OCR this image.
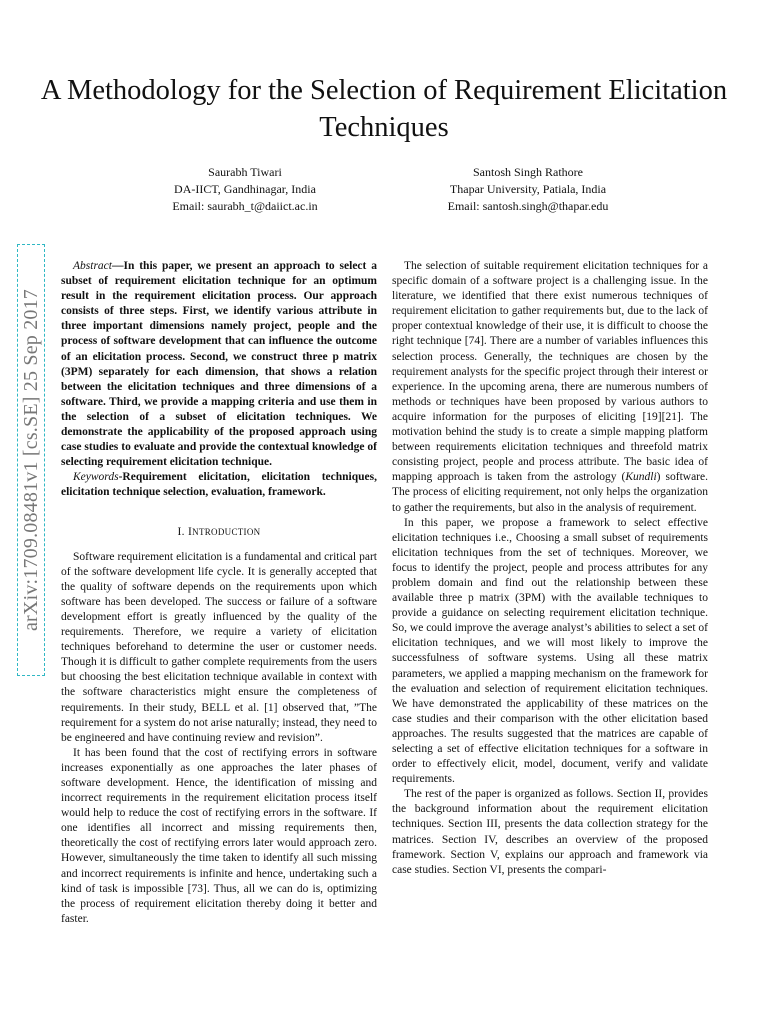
A Methodology for the Selection of Requirement Elicitation Techniques
Saurabh Tiwari
DA-IICT, Gandhinagar, India
Email: saurabh_t@daiict.ac.in
Santosh Singh Rathore
Thapar University, Patiala, India
Email: santosh.singh@thapar.edu
arXiv:1709.08481v1 [cs.SE] 25 Sep 2017

Abstract—In this paper, we present an approach to select a subset of requirement elicitation technique for an optimum result in the requirement elicitation process. Our approach consists of three steps. First, we identify various attribute in three important dimensions namely project, people and the process of software development that can influence the outcome of an elicitation process. Second, we construct three p matrix (3PM) separately for each dimension, that shows a relation between the elicitation techniques and three dimensions of a software. Third, we provide a mapping criteria and use them in the selection of a subset of elicitation techniques. We demonstrate the applicability of the proposed approach using case studies to evaluate and provide the contextual knowledge of selecting requirement elicitation technique.

Keywords-Requirement elicitation, elicitation techniques, elicitation technique selection, evaluation, framework.

I. INTRODUCTION

Software requirement elicitation is a fundamental and critical part of the software development life cycle. It is generally accepted that the quality of software depends on the requirements upon which software has been developed. The success or failure of a software development effort is greatly influenced by the quality of the requirements. Therefore, we require a variety of elicitation techniques beforehand to determine the user or customer needs. Though it is difficult to gather complete requirements from the users but choosing the best elicitation technique available in context with the software characteristics might ensure the completeness of requirements. In their study, BELL et al. [1] observed that, ”The requirement for a system do not arise naturally; instead, they need to be engineered and have continuing review and revision”.

It has been found that the cost of rectifying errors in software increases exponentially as one approaches the later phases of software development. Hence, the identification of missing and incorrect requirements in the requirement elicitation process itself would help to reduce the cost of rectifying errors in the software. If one identifies all incorrect and missing requirements then, theoretically the cost of rectifying errors later would approach zero. However, simultaneously the time taken to identify all such missing and incorrect requirements is infinite and hence, undertaking such a kind of task is impossible [73]. Thus, all we can do is, optimizing the process of requirement elicitation thereby doing it better and faster.

The selection of suitable requirement elicitation techniques for a specific domain of a software project is a challenging issue. In the literature, we identified that there exist numerous techniques of requirement elicitation to gather requirements but, due to the lack of proper contextual knowledge of their use, it is difficult to choose the right technique [74]. There are a number of variables influences this selection process. Generally, the techniques are chosen by the requirement analysts for the specific project through their interest or experience. In the upcoming arena, there are numerous numbers of methods or techniques have been proposed by various authors to acquire information for the purposes of eliciting [19][21]. The motivation behind the study is to create a simple mapping platform between requirements elicitation techniques and threefold matrix consisting project, people and process attribute. The basic idea of mapping approach is taken from the astrology (Kundli) software. The process of eliciting requirement, not only helps the organization to gather the requirements, but also in the analysis of requirement.

In this paper, we propose a framework to select effective elicitation techniques i.e., Choosing a small subset of requirements elicitation techniques from the set of techniques. Moreover, we focus to identify the project, people and process attributes for any problem domain and find out the relationship between these available three p matrix (3PM) with the available techniques to provide a guidance on selecting requirement elicitation technique. So, we could improve the average analyst’s abilities to select a set of elicitation techniques, and we will most likely to improve the successfulness of software systems. Using all these matrix parameters, we applied a mapping mechanism on the framework for the evaluation and selection of requirement elicitation techniques. We have demonstrated the applicability of these matrices on the case studies and their comparison with the other elicitation based approaches. The results suggested that the matrices are capable of selecting a set of effective elicitation techniques for a software in order to effectively elicit, model, document, verify and validate requirements.

The rest of the paper is organized as follows. Section II, provides the background information about the requirement elicitation techniques. Section III, presents the data collection strategy for the matrices. Section IV, describes an overview of the proposed framework. Section V, explains our approach and framework via case studies. Section VI, presents the compari-
